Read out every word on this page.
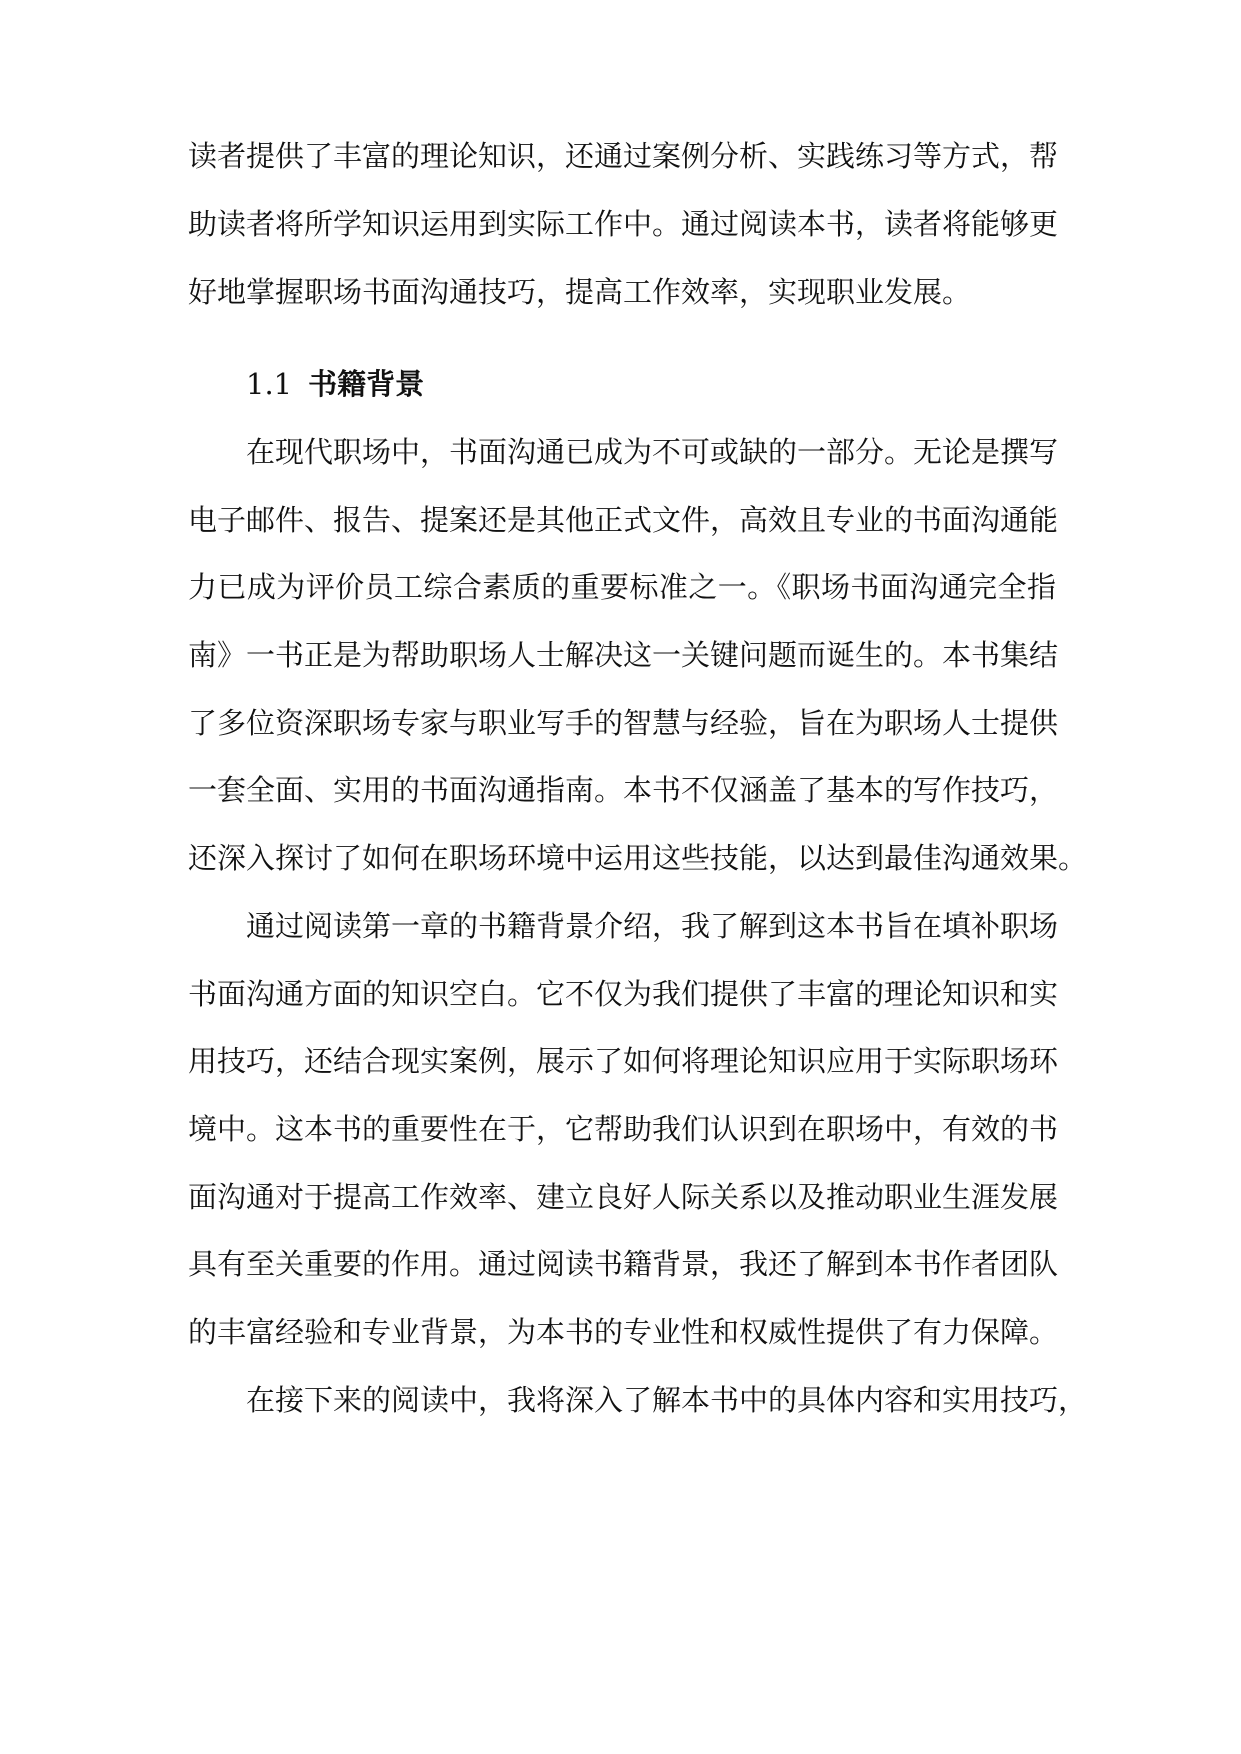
读者提供了丰富的理论知识，还通过案例分析、实践练习等方式，帮
助读者将所学知识运用到实际工作中。通过阅读本书，读者将能够更
好地掌握职场书面沟通技巧，提高工作效率，实现职业发展。
1.1 书籍背景
在现代职场中，书面沟通已成为不可或缺的一部分。无论是撰写
电子邮件、报告、提案还是其他正式文件，高效且专业的书面沟通能
力已成为评价员工综合素质的重要标准之一。《职场书面沟通完全指
南》一书正是为帮助职场人士解决这一关键问题而诞生的。本书集结
了多位资深职场专家与职业写手的智慧与经验，旨在为职场人士提供
一套全面、实用的书面沟通指南。本书不仅涵盖了基本的写作技巧，
还深入探讨了如何在职场环境中运用这些技能，以达到最佳沟通效果。
通过阅读第一章的书籍背景介绍，我了解到这本书旨在填补职场
书面沟通方面的知识空白。它不仅为我们提供了丰富的理论知识和实
用技巧，还结合现实案例，展示了如何将理论知识应用于实际职场环
境中。这本书的重要性在于，它帮助我们认识到在职场中，有效的书
面沟通对于提高工作效率、建立良好人际关系以及推动职业生涯发展
具有至关重要的作用。通过阅读书籍背景，我还了解到本书作者团队
的丰富经验和专业背景，为本书的专业性和权威性提供了有力保障。
在接下来的阅读中，我将深入了解本书中的具体内容和实用技巧，
